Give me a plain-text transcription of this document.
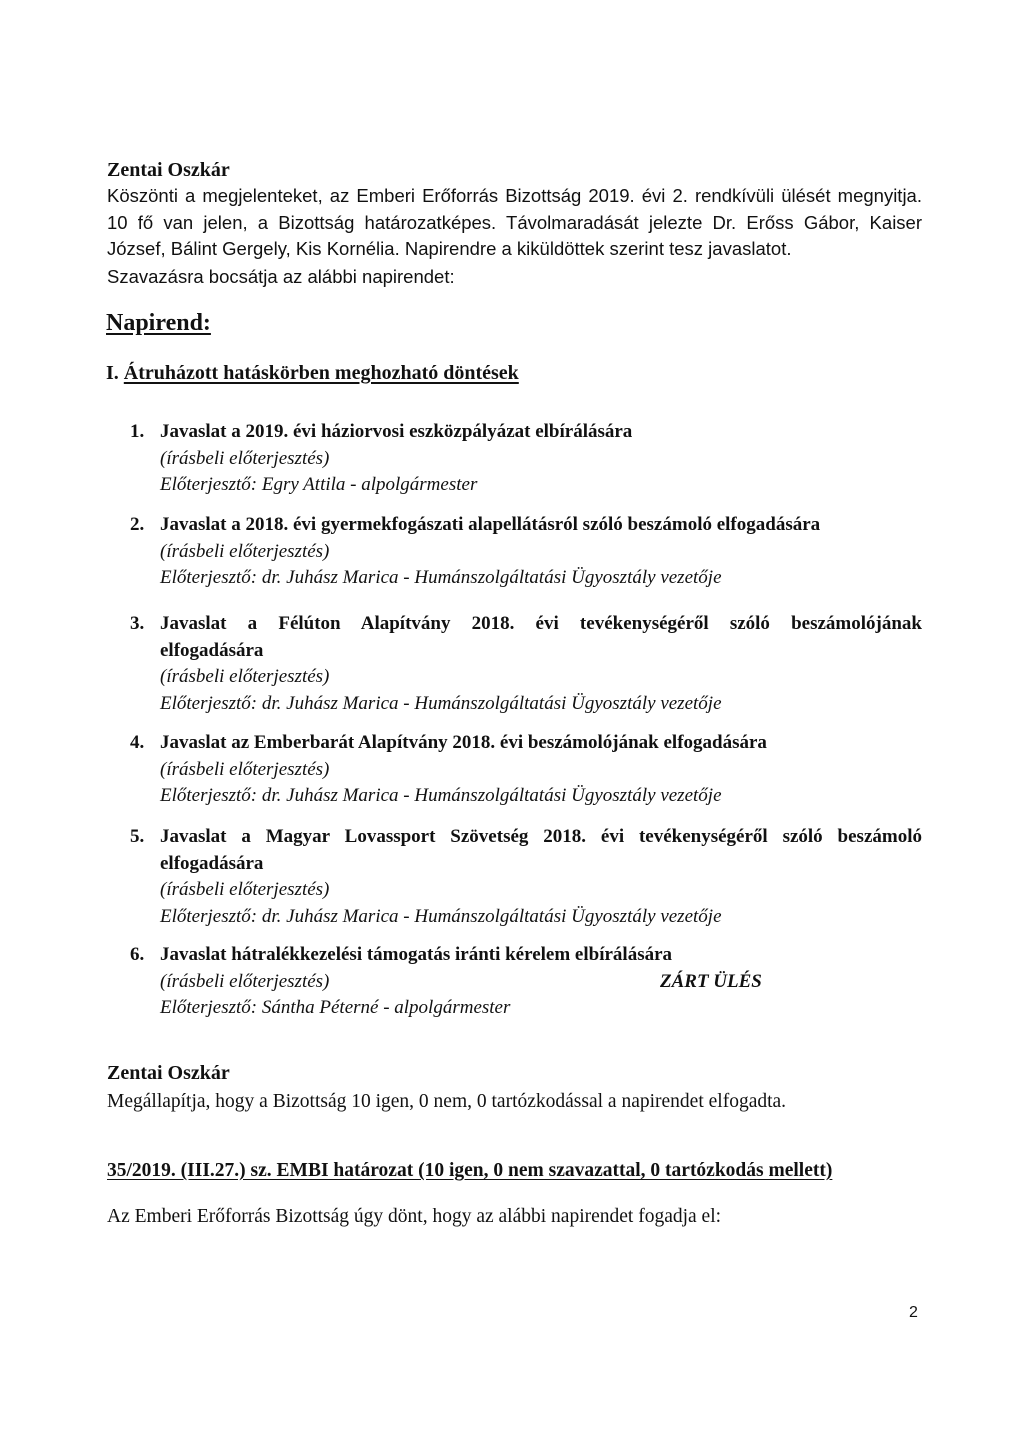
Zentai Oszkár

Köszönti a megjelenteket, az Emberi Erőforrás Bizottság 2019. évi 2. rendkívüli ülését megnyitja. 10 fő van jelen, a Bizottság határozatképes. Távolmaradását jelezte Dr. Erőss Gábor, Kaiser József, Bálint Gergely, Kis Kornélia. Napirendre a kiküldöttek szerint tesz javaslatot.

Szavazásra bocsátja az alábbi napirendet:

Napirend:
I. Átruházott hatáskörben meghozható döntések
1. Javaslat a 2019. évi háziorvosi eszközpályázat elbírálására
(írásbeli előterjesztés)
Előterjesztő: Egry Attila - alpolgármester
2. Javaslat a 2018. évi gyermekfogászati alapellátásról szóló beszámoló elfogadására
(írásbeli előterjesztés)
Előterjesztő: dr. Juhász Marica - Humánszolgáltatási Ügyosztály vezetője
3. Javaslat a Félúton Alapítvány 2018. évi tevékenységéről szóló beszámolójának
elfogadására
(írásbeli előterjesztés)
Előterjesztő: dr. Juhász Marica - Humánszolgáltatási Ügyosztály vezetője
4. Javaslat az Emberbarát Alapítvány 2018. évi beszámolójának elfogadására
(írásbeli előterjesztés)
Előterjesztő: dr. Juhász Marica - Humánszolgáltatási Ügyosztály vezetője
5. Javaslat a Magyar Lovassport Szövetség 2018. évi tevékenységéről szóló beszámoló
elfogadására
(írásbeli előterjesztés)
Előterjesztő: dr. Juhász Marica - Humánszolgáltatási Ügyosztály vezetője
6. Javaslat hátralékkezelési támogatás iránti kérelem elbírálására
(írásbeli előterjesztés)	ZÁRT ÜLÉS
Előterjesztő: Sántha Péterné - alpolgármester
Zentai Oszkár
Megállapítja, hogy a Bizottság 10 igen, 0 nem, 0 tartózkodással a napirendet elfogadta.
35/2019. (III.27.) sz. EMBI határozat (10 igen, 0 nem szavazattal, 0 tartózkodás mellett)
Az Emberi Erőforrás Bizottság úgy dönt, hogy az alábbi napirendet fogadja el:
2
